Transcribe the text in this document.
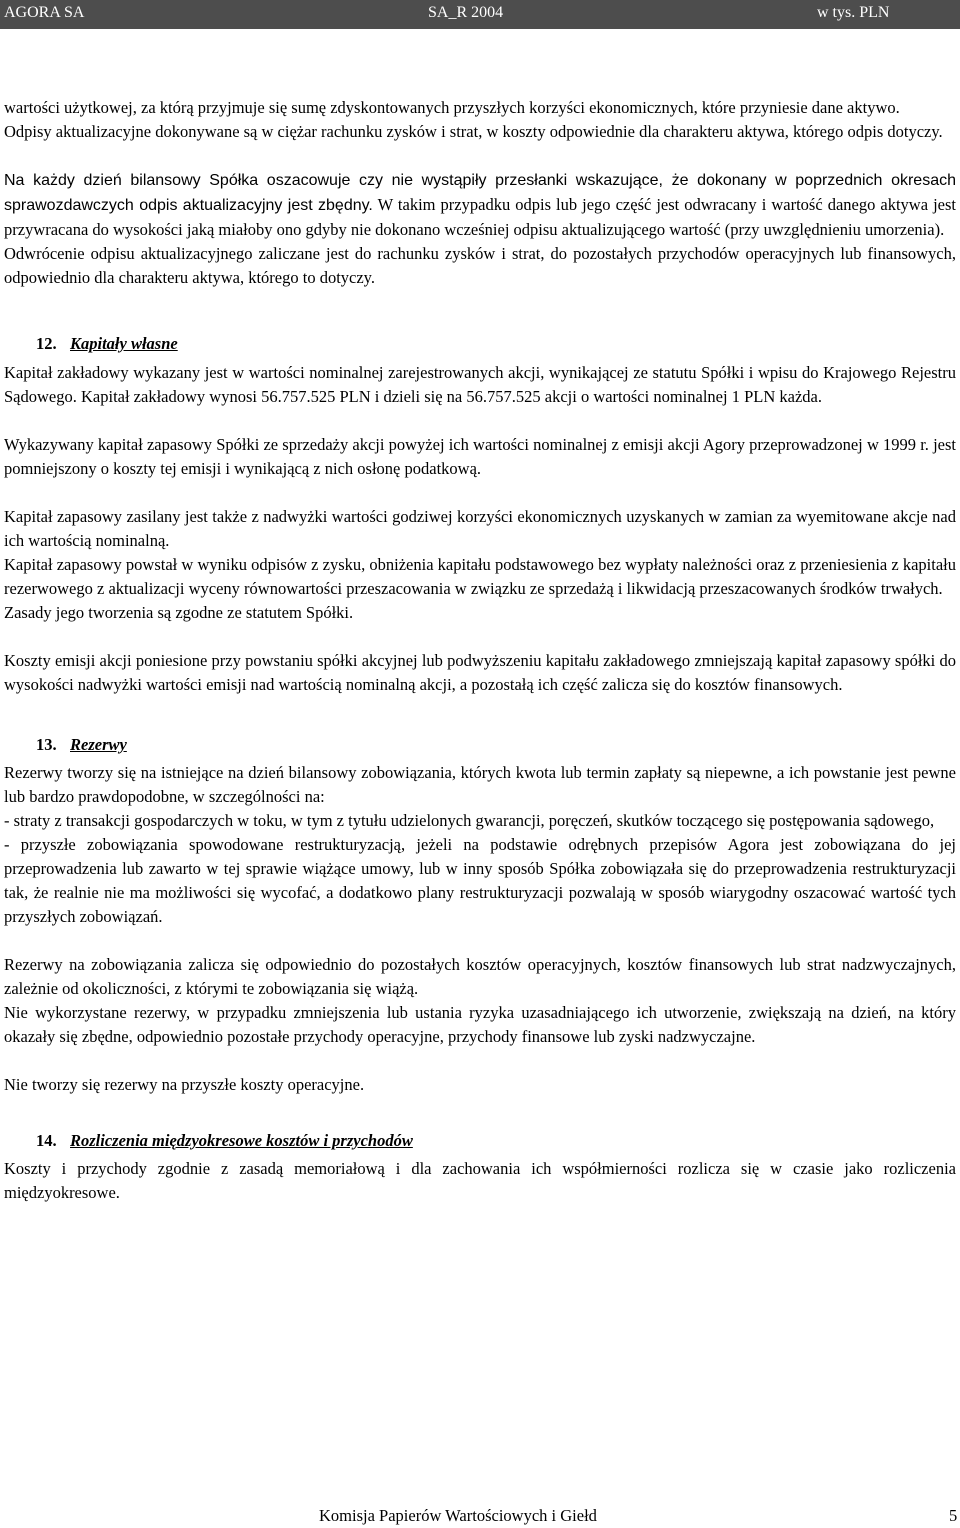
AGORA SA	SA_R 2004	w tys. PLN

wartości użytkowej, za którą przyjmuje się sumę zdyskontowanych przyszłych korzyści ekonomicznych, które przyniesie dane aktywo.

Odpisy aktualizacyjne dokonywane są w ciężar rachunku zysków i strat, w koszty odpowiednie dla charakteru aktywa, którego odpis dotyczy.

Na każdy dzień bilansowy Spółka oszacowuje czy nie wystąpiły przesłanki wskazujące, że dokonany w poprzednich okresach sprawozdawczych odpis aktualizacyjny jest zbędny. W takim przypadku odpis lub jego część jest odwracany i wartość danego aktywa jest przywracana do wysokości jaką miałoby ono gdyby nie dokonano wcześniej odpisu aktualizującego wartość (przy uwzględnieniu umorzenia).

Odwrócenie odpisu aktualizacyjnego zaliczane jest do rachunku zysków i strat, do pozostałych przychodów operacyjnych lub finansowych, odpowiednio dla charakteru aktywa, którego to dotyczy.

12. Kapitały własne

Kapitał zakładowy wykazany jest w wartości nominalnej zarejestrowanych akcji, wynikającej ze statutu Spółki i wpisu do Krajowego Rejestru Sądowego. Kapitał zakładowy wynosi 56.757.525 PLN i dzieli się na 56.757.525 akcji o wartości nominalnej 1 PLN każda.

Wykazywany kapitał zapasowy Spółki ze sprzedaży akcji powyżej ich wartości nominalnej z emisji akcji Agory przeprowadzonej w 1999 r. jest pomniejszony o koszty tej emisji i wynikającą z nich osłonę podatkową.

Kapitał zapasowy zasilany jest także z nadwyżki wartości godziwej korzyści ekonomicznych uzyskanych w zamian za wyemitowane akcje nad ich wartością nominalną.

Kapitał zapasowy powstał w wyniku odpisów z zysku, obniżenia kapitału podstawowego bez wypłaty należności oraz z przeniesienia z kapitału rezerwowego z aktualizacji wyceny równowartości przeszacowania w związku ze sprzedażą i likwidacją przeszacowanych środków trwałych.

Zasady jego tworzenia są zgodne ze statutem Spółki.

Koszty emisji akcji poniesione przy powstaniu spółki akcyjnej lub podwyższeniu kapitału zakładowego zmniejszają kapitał zapasowy spółki do wysokości nadwyżki wartości emisji nad wartością nominalną akcji, a pozostałą ich część zalicza się do kosztów finansowych.

13. Rezerwy

Rezerwy tworzy się na istniejące na dzień bilansowy zobowiązania, których kwota lub termin zapłaty są niepewne, a ich powstanie jest pewne lub bardzo prawdopodobne, w szczególności na:

- straty z transakcji gospodarczych w toku, w tym z tytułu udzielonych gwarancji, poręczeń, skutków toczącego się postępowania sądowego,

- przyszłe zobowiązania spowodowane restrukturyzacją, jeżeli na podstawie odrębnych przepisów Agora jest zobowiązana do jej przeprowadzenia lub zawarto w tej sprawie wiążące umowy, lub w inny sposób Spółka zobowiązała się do przeprowadzenia restrukturyzacji tak, że realnie nie ma możliwości się wycofać, a dodatkowo plany restrukturyzacji pozwalają w sposób wiarygodny oszacować wartość tych przyszłych zobowiązań.

Rezerwy na zobowiązania zalicza się odpowiednio do pozostałych kosztów operacyjnych, kosztów finansowych lub strat nadzwyczajnych, zależnie od okoliczności, z którymi te zobowiązania się wiążą.

Nie wykorzystane rezerwy, w przypadku zmniejszenia lub ustania ryzyka uzasadniającego ich utworzenie, zwiększają na dzień, na który okazały się zbędne, odpowiednio pozostałe przychody operacyjne, przychody finansowe lub zyski nadzwyczajne.

Nie tworzy się rezerwy na przyszłe koszty operacyjne.

14. Rozliczenia międzyokresowe kosztów i przychodów

Koszty i przychody zgodnie z zasadą memoriałową i dla zachowania ich współmierności rozlicza się w czasie jako rozliczenia międzyokresowe.

Komisja Papierów Wartościowych i Giełd	5
